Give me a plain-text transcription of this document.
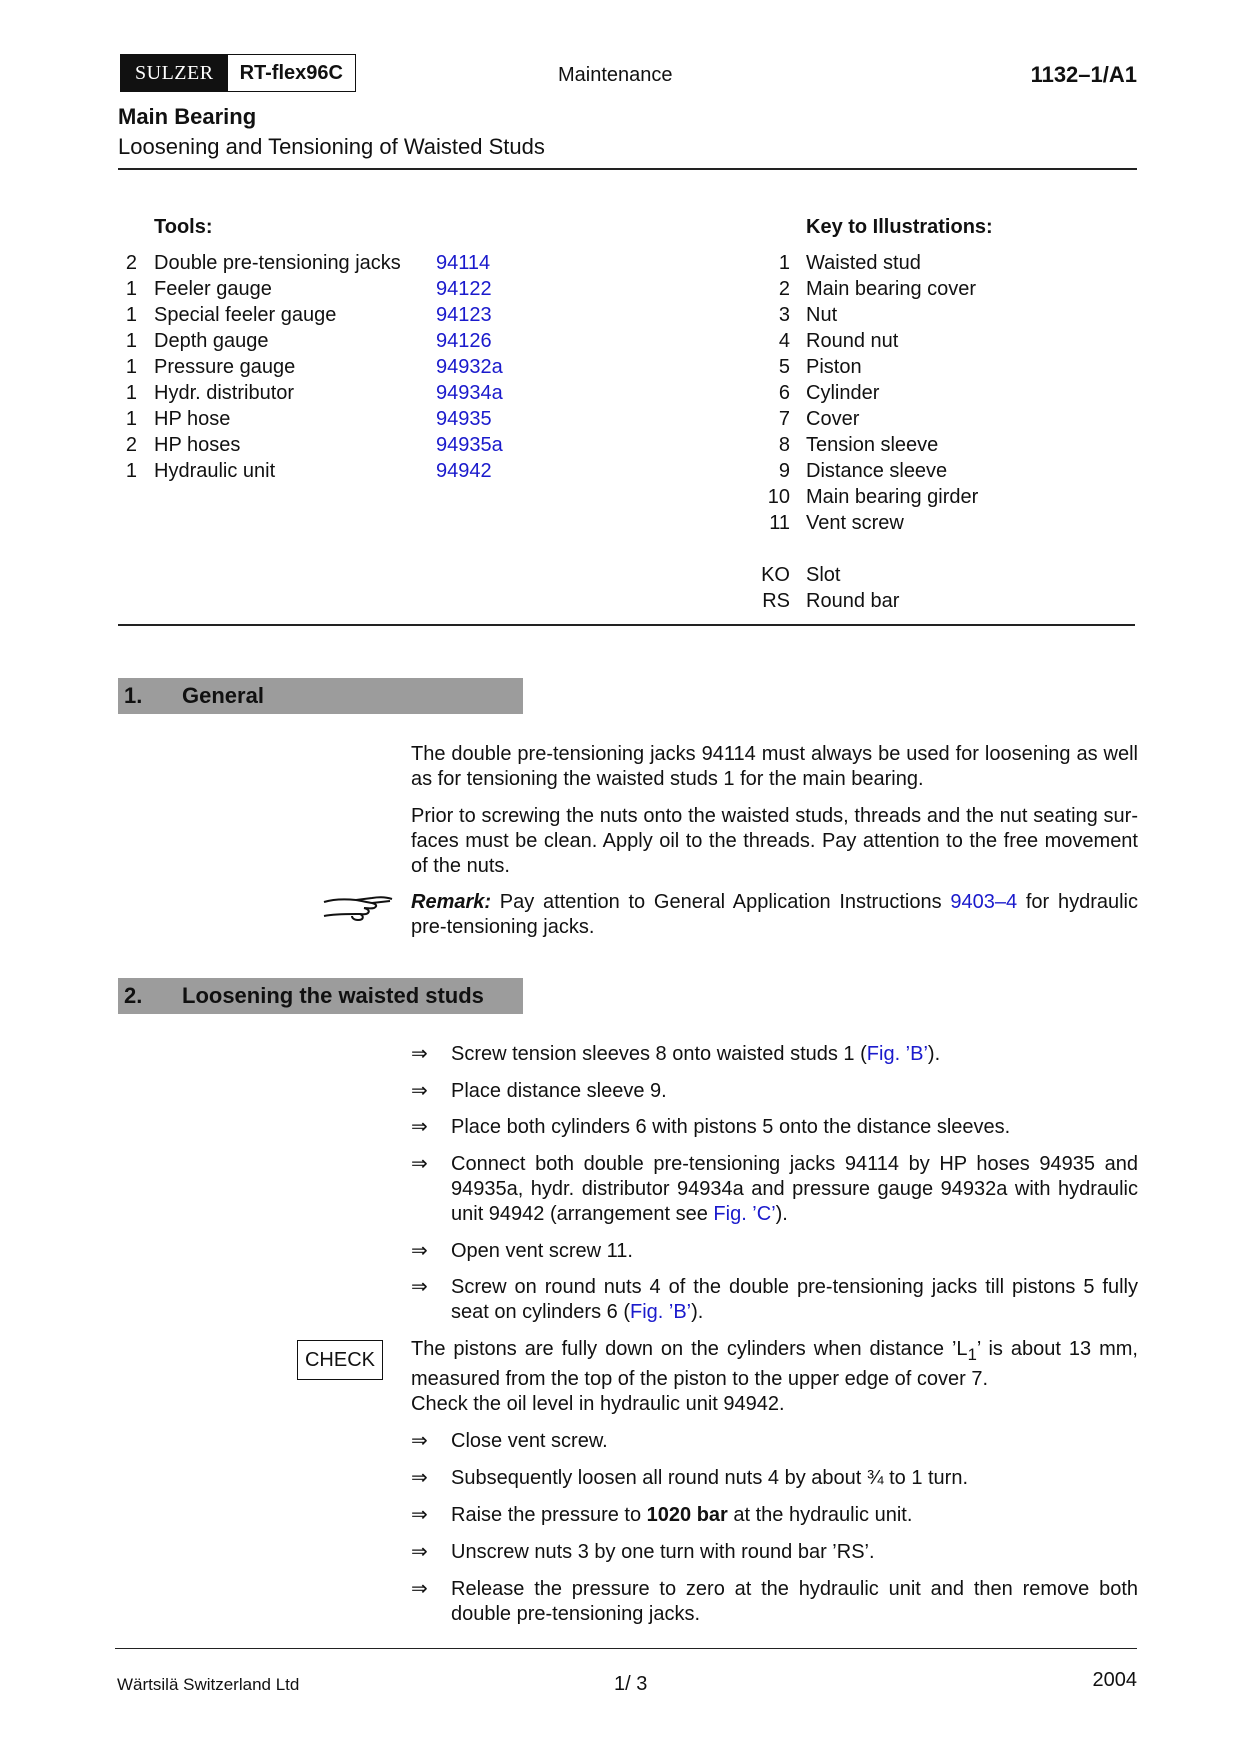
SULZER	RT-flex96C	Maintenance	1132–1/A1
Main Bearing
Loosening and Tensioning of Waisted Studs
Tools:
2 Double pre-tensioning jacks 94114
1 Feeler gauge	94122
1 Special feeler gauge	94123
1 Depth gauge	94126
1 Pressure gauge	94932a
1 Hydr. distributor	94934a
1 HP hose	94935
2 HP hoses	94935a
1 Hydraulic unit	94942
Key to Illustrations:
1 Waisted stud
2 Main bearing cover
3 Nut
4 Round nut
5 Piston
6 Cylinder
7 Cover
8 Tension sleeve
9 Distance sleeve
10 Main bearing girder
11 Vent screw
KO Slot
RS Round bar
1. General

The double pre-tensioning jacks 94114 must always be used for loosening as well as for tensioning the waisted studs 1 for the main bearing.

Prior to screwing the nuts onto the waisted studs, threads and the nut seating sur-faces must be clean. Apply oil to the threads. Pay attention to the free movement of the nuts.

Remark: Pay attention to General Application Instructions 9403–4 for hydraulic pre-tensioning jacks.
2. Loosening the waisted studs
⇒ Screw tension sleeves 8 onto waisted studs 1 (Fig. ’B’).
⇒ Place distance sleeve 9.
⇒ Place both cylinders 6 with pistons 5 onto the distance sleeves.
⇒ Connect both double pre-tensioning jacks 94114 by HP hoses 94935 and 94935a, hydr. distributor 94934a and pressure gauge 94932a with hydraulic unit 94942 (arrangement see Fig. ’C’).
⇒ Open vent screw 11.
⇒ Screw on round nuts 4 of the double pre-tensioning jacks till pistons 5 fully seat on cylinders 6 (Fig. ’B’).
CHECK	The pistons are fully down on the cylinders when distance $’L_1$’ is about 13 mm, measured from the top of the piston to the upper edge of cover 7.
Check the oil level in hydraulic unit 94942.
⇒ Close vent screw.
⇒ Subsequently loosen all round nuts 4 by about ¾ to 1 turn.
⇒ Raise the pressure to 1020 bar at the hydraulic unit.
⇒ Unscrew nuts 3 by one turn with round bar ’RS’.
⇒ Release the pressure to zero at the hydraulic unit and then remove both double pre-tensioning jacks.
Wärtsilä Switzerland Ltd	1/ 3	2004
